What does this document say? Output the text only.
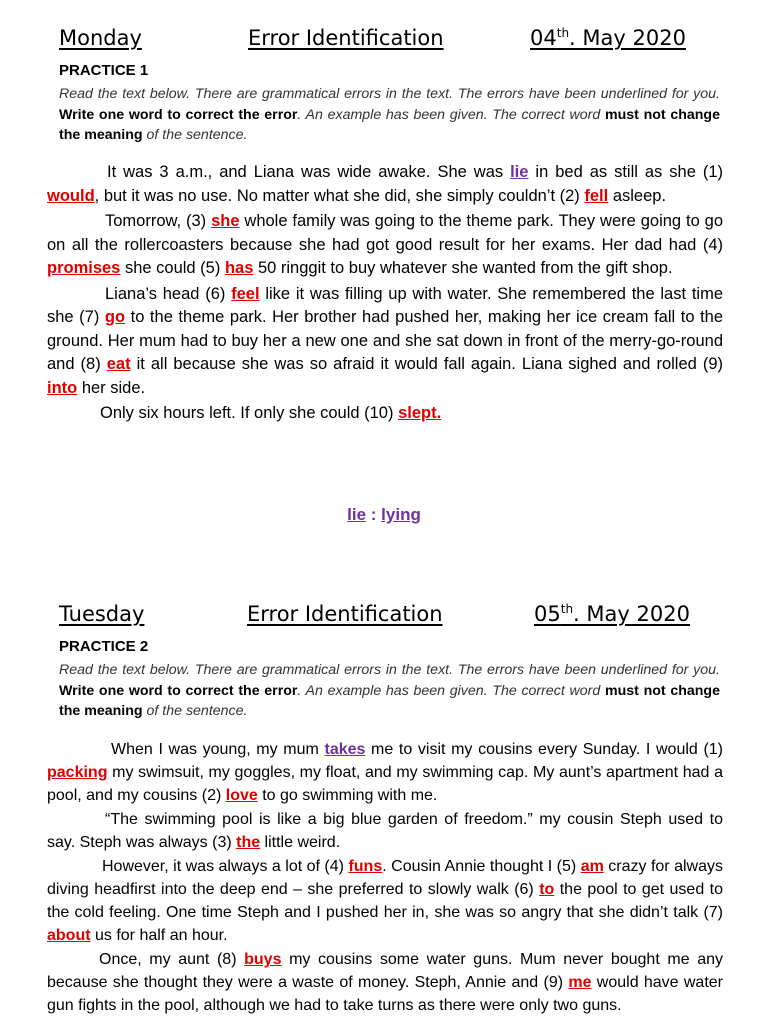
Monday	Error Identification	04th. May 2020
PRACTICE 1
Read the text below. There are grammatical errors in the text. The errors have been underlined for you. Write one word to correct the error. An example has been given. The correct word must not change the meaning of the sentence.

It was 3 a.m., and Liana was wide awake. She was lie in bed as still as she (1) would, but it was no use. No matter what she did, she simply couldn’t (2) fell asleep.

Tomorrow, (3) she whole family was going to the theme park. They were going to go on all the rollercoasters because she had got good result for her exams. Her dad had (4) promises she could (5) has 50 ringgit to buy whatever she wanted from the gift shop.

Liana’s head (6) feel like it was filling up with water. She remembered the last time she (7) go to the theme park. Her brother had pushed her, making her ice cream fall to the ground. Her mum had to buy her a new one and she sat down in front of the merry-go-round and (8) eat it all because she was so afraid it would fall again. Liana sighed and rolled (9) into her side.

Only six hours left. If only she could (10) slept.

lie : lying
Tuesday	Error Identification	05th. May 2020
PRACTICE 2
Read the text below. There are grammatical errors in the text. The errors have been underlined for you. Write one word to correct the error. An example has been given. The correct word must not change the meaning of the sentence.

When I was young, my mum takes me to visit my cousins every Sunday. I would (1) packing my swimsuit, my goggles, my float, and my swimming cap. My aunt’s apartment had a pool, and my cousins (2) love to go swimming with me.

“The swimming pool is like a big blue garden of freedom.” my cousin Steph used to say. Steph was always (3) the little weird.

However, it was always a lot of (4) funs. Cousin Annie thought I (5) am crazy for always diving headfirst into the deep end – she preferred to slowly walk (6) to the pool to get used to the cold feeling. One time Steph and I pushed her in, she was so angry that she didn’t talk (7) about us for half an hour.

Once, my aunt (8) buys my cousins some water guns. Mum never bought me any because she thought they were a waste of money. Steph, Annie and (9) me would have water gun fights in the pool, although we had to take turns as there were only two guns.
